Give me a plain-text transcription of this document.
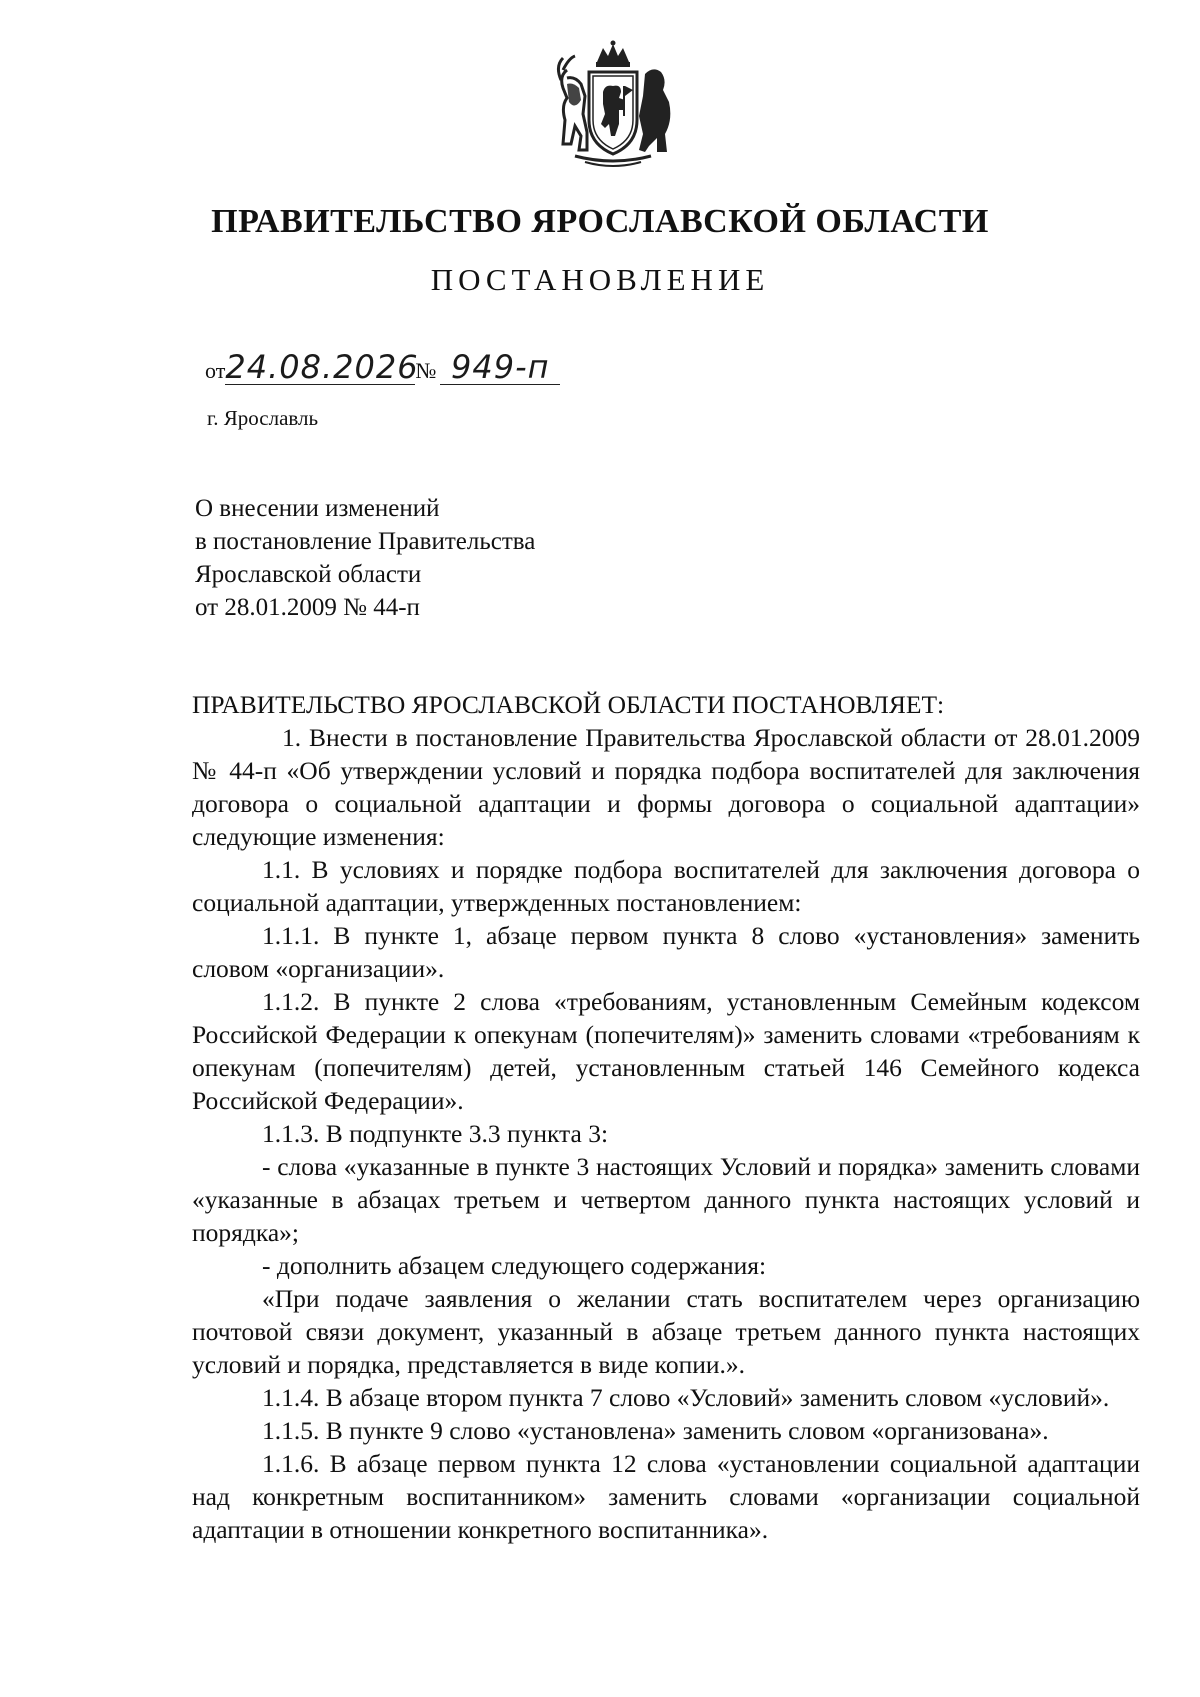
ПРАВИТЕЛЬСТВО ЯРОСЛАВСКОЙ ОБЛАСТИ
ПОСТАНОВЛЕНИЕ
от24.08.2026№ 949-п
г. Ярославль
О внесении изменений
в постановление Правительства
Ярославской области
от 28.01.2009 № 44-п

ПРАВИТЕЛЬСТВО ЯРОСЛАВСКОЙ ОБЛАСТИ ПОСТАНОВЛЯЕТ:

1. Внести в постановление Правительства Ярославской области от 28.01.2009 № 44-п «Об утверждении условий и порядка подбора воспитателей для заключения договора о социальной адаптации и формы договора о социальной адаптации» следующие изменения:

1.1. В условиях и порядке подбора воспитателей для заключения договора о социальной адаптации, утвержденных постановлением:

1.1.1. В пункте 1, абзаце первом пункта 8 слово «установления» заменить словом «организации».

1.1.2. В пункте 2 слова «требованиям, установленным Семейным кодексом Российской Федерации к опекунам (попечителям)» заменить словами «требованиям к опекунам (попечителям) детей, установленным статьей 146 Семейного кодекса Российской Федерации».

1.1.3. В подпункте 3.3 пункта 3:

- слова «указанные в пункте 3 настоящих Условий и порядка» заменить словами «указанные в абзацах третьем и четвертом данного пункта настоящих условий и порядка»;

- дополнить абзацем следующего содержания:

«При подаче заявления о желании стать воспитателем через организацию почтовой связи документ, указанный в абзаце третьем данного пункта настоящих условий и порядка, представляется в виде копии.».

1.1.4. В абзаце втором пункта 7 слово «Условий» заменить словом «условий».

1.1.5. В пункте 9 слово «установлена» заменить словом «организована».

1.1.6. В абзаце первом пункта 12 слова «установлении социальной адаптации над конкретным воспитанником» заменить словами «организации социальной адаптации в отношении конкретного воспитанника».
